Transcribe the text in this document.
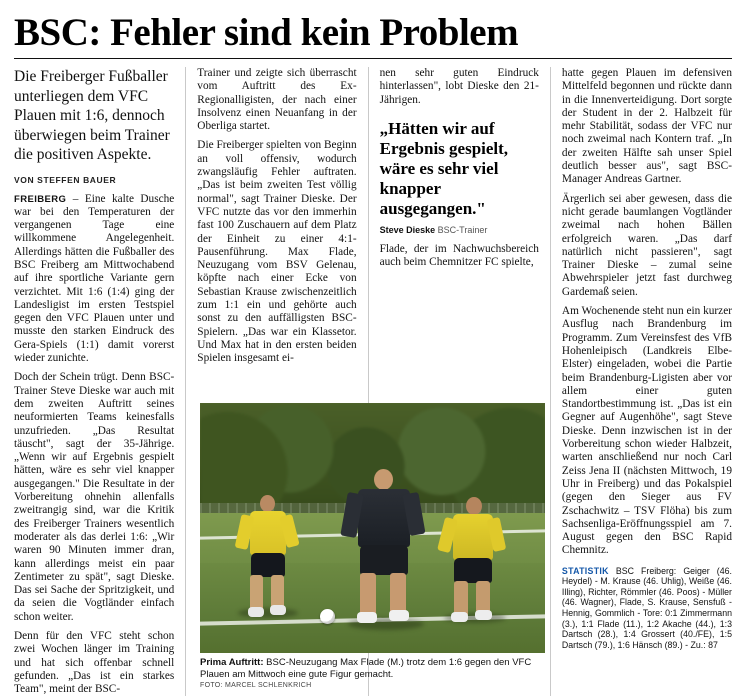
BSC: Fehler sind kein Problem

Die Freiberger Fußballer unterliegen dem VFC Plauen mit 1:6, dennoch überwiegen beim Trainer die positiven Aspekte.

VON STEFFEN BAUER

FREIBERG – Eine kalte Dusche war bei den Temperaturen der vergangenen Tage eine willkommene Angelegenheit. Allerdings hätten die Fußballer des BSC Freiberg am Mittwochabend auf ihre sportliche Variante gern verzichtet. Mit 1:6 (1:4) ging der Landesligist im ersten Testspiel gegen den VFC Plauen unter und musste den starken Eindruck des Gera-Spiels (1:1) damit vorerst wieder zunichte.

Doch der Schein trügt. Denn BSC-Trainer Steve Dieske war auch mit dem zweiten Auftritt seines neuformierten Teams keinesfalls unzufrieden. „Das Resultat täuscht", sagt der 35-Jährige. „Wenn wir auf Ergebnis gespielt hätten, wäre es sehr viel knapper ausgegangen." Die Resultate in der Vorbereitung ohnehin allenfalls zweitrangig sind, war die Kritik des Freiberger Trainers wesentlich moderater als das derlei 1:6: „Wir waren 90 Minuten immer dran, kann allerdings meist ein paar Zentimeter zu spät", sagt Dieske. Das sei Sache der Spritzigkeit, und da seien die Vogtländer einfach schon weiter.

Denn für den VFC steht schon zwei Wochen länger im Training und hat sich offenbar schnell gefunden. „Das ist ein starkes Team", meint der BSC-

Trainer und zeigte sich überrascht vom Auftritt des Ex-Regionalligisten, der nach einer Insolvenz einen Neuanfang in der Oberliga startet.

Die Freiberger spielten von Beginn an voll offensiv, wodurch zwangsläufig Fehler auftraten. „Das ist beim zweiten Test völlig normal", sagt Trainer Dieske. Der VFC nutzte das vor den immerhin fast 100 Zuschauern auf dem Platz der Einheit zu einer 4:1-Pausenführung. Max Flade, Neuzugang vom BSV Gelenau, köpfte nach einer Ecke von Sebastian Krause zwischenzeitlich zum 1:1 ein und gehörte auch sonst zu den auffälligsten BSC-Spielern. „Das war ein Klassetor. Und Max hat in den ersten beiden Spielen insgesamt ei-

nen sehr guten Eindruck hinterlassen", lobt Dieske den 21-Jährigen.

„Hätten wir auf Ergebnis gespielt, wäre es sehr viel knapper ausgegangen."
Steve Dieske BSC-Trainer

Flade, der im Nachwuchsbereich auch beim Chemnitzer FC spielte,

hatte gegen Plauen im defensiven Mittelfeld begonnen und rückte dann in die Innenverteidigung. Dort sorgte der Student in der 2. Halbzeit für mehr Stabilität, sodass der VFC nur noch zweimal nach Kontern traf. „In der zweiten Hälfte sah unser Spiel deutlich besser aus", sagt BSC-Manager Andreas Gartner.

Ärgerlich sei aber gewesen, dass die nicht gerade baumlangen Vogtländer zweimal nach hohen Bällen erfolgreich waren. „Das darf natürlich nicht passieren", sagt Trainer Dieske – zumal seine Abwehrspieler jetzt fast durchweg Gardemaß seien.

Am Wochenende steht nun ein kurzer Ausflug nach Brandenburg im Programm. Zum Vereinsfest des VfB Hohenleipisch (Landkreis Elbe-Elster) eingeladen, wobei die Partie beim Brandenburg-Ligisten aber vor allem einer guten Standortbestimmung ist. „Das ist ein Gegner auf Augenhöhe", sagt Steve Dieske. Denn inzwischen ist in der Vorbereitung schon wieder Halbzeit, warten anschließend nur noch Carl Zeiss Jena II (nächsten Mittwoch, 19 Uhr in Freiberg) und das Pokalspiel (gegen den Sieger aus FV Zschachwitz – TSV Flöha) bis zum Sachsenliga-Eröffnungsspiel am 7. August gegen den BSC Rapid Chemnitz.

STATISTIK BSC Freiberg: Geiger (46. Heydel) - M. Krause (46. Uhlig), Weiße (46. Illing), Richter, Römmler (46. Poos) - Müller (46. Wagner), Flade, S. Krause, Sensfuß - Hennig, Gommlich - Tore: 0:1 Zimmermann (3.), 1:1 Flade (11.), 1:2 Akache (44.), 1:3 Dartsch (28.), 1:4 Grossert (40./FE), 1:5 Dartsch (79.), 1:6 Hänsch (89.) - Zu.: 87
Prima Auftritt: BSC-Neuzugang Max Flade (M.) trotz dem 1:6 gegen den VFC Plauen am Mittwoch eine gute Figur gemacht.
FOTO: MARCEL SCHLENKRICH
